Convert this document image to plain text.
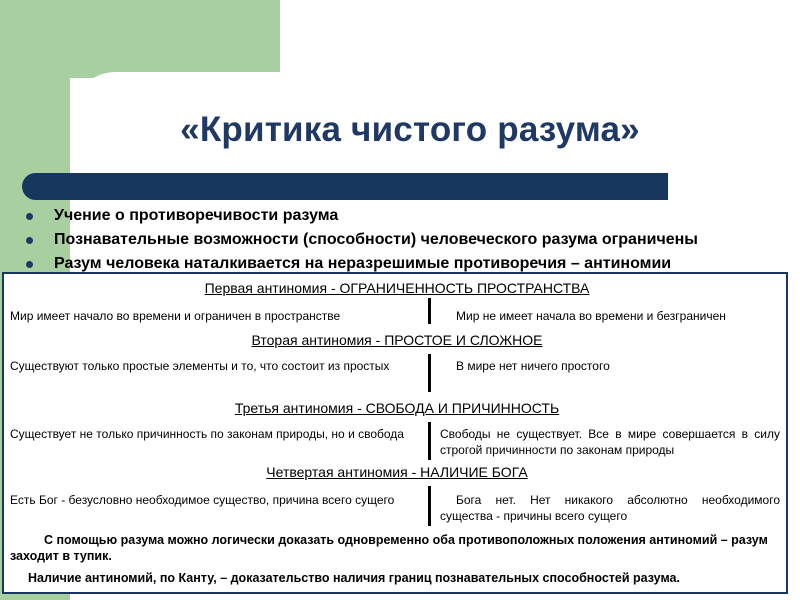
«Критика чистого разума»
Учение о противоречивости разума
Познавательные возможности (способности) человеческого разума ограничены
Разум человека наталкивается на неразрешимые противоречия – антиномии
Первая антиномия - ОГРАНИЧЕННОСТЬ ПРОСТРАНСТВА
Мир имеет начало во времени и ограничен в пространстве	Мир не имеет начала во времени и безграничен
Вторая антиномия - ПРОСТОЕ И СЛОЖНОЕ
Существуют только простые элементы и то, что состоит из простых	В мире нет ничего простого
Третья антиномия - СВОБОДА И ПРИЧИННОСТЬ
Существует не только причинность по законам природы, но и свобода	Свободы не существует. Все в мире совершается в силу строгой причинности по законам природы
Четвертая антиномия - НАЛИЧИЕ БОГА
Есть Бог - безусловно необходимое существо, причина всего сущего	Бога нет. Нет никакого абсолютно необходимого существа - причины всего сущего
С помощью разума можно логически доказать одновременно оба противоположных положения антиномий – разум заходит в тупик.
Наличие антиномий, по Канту, – доказательство наличия границ познавательных способностей разума.
